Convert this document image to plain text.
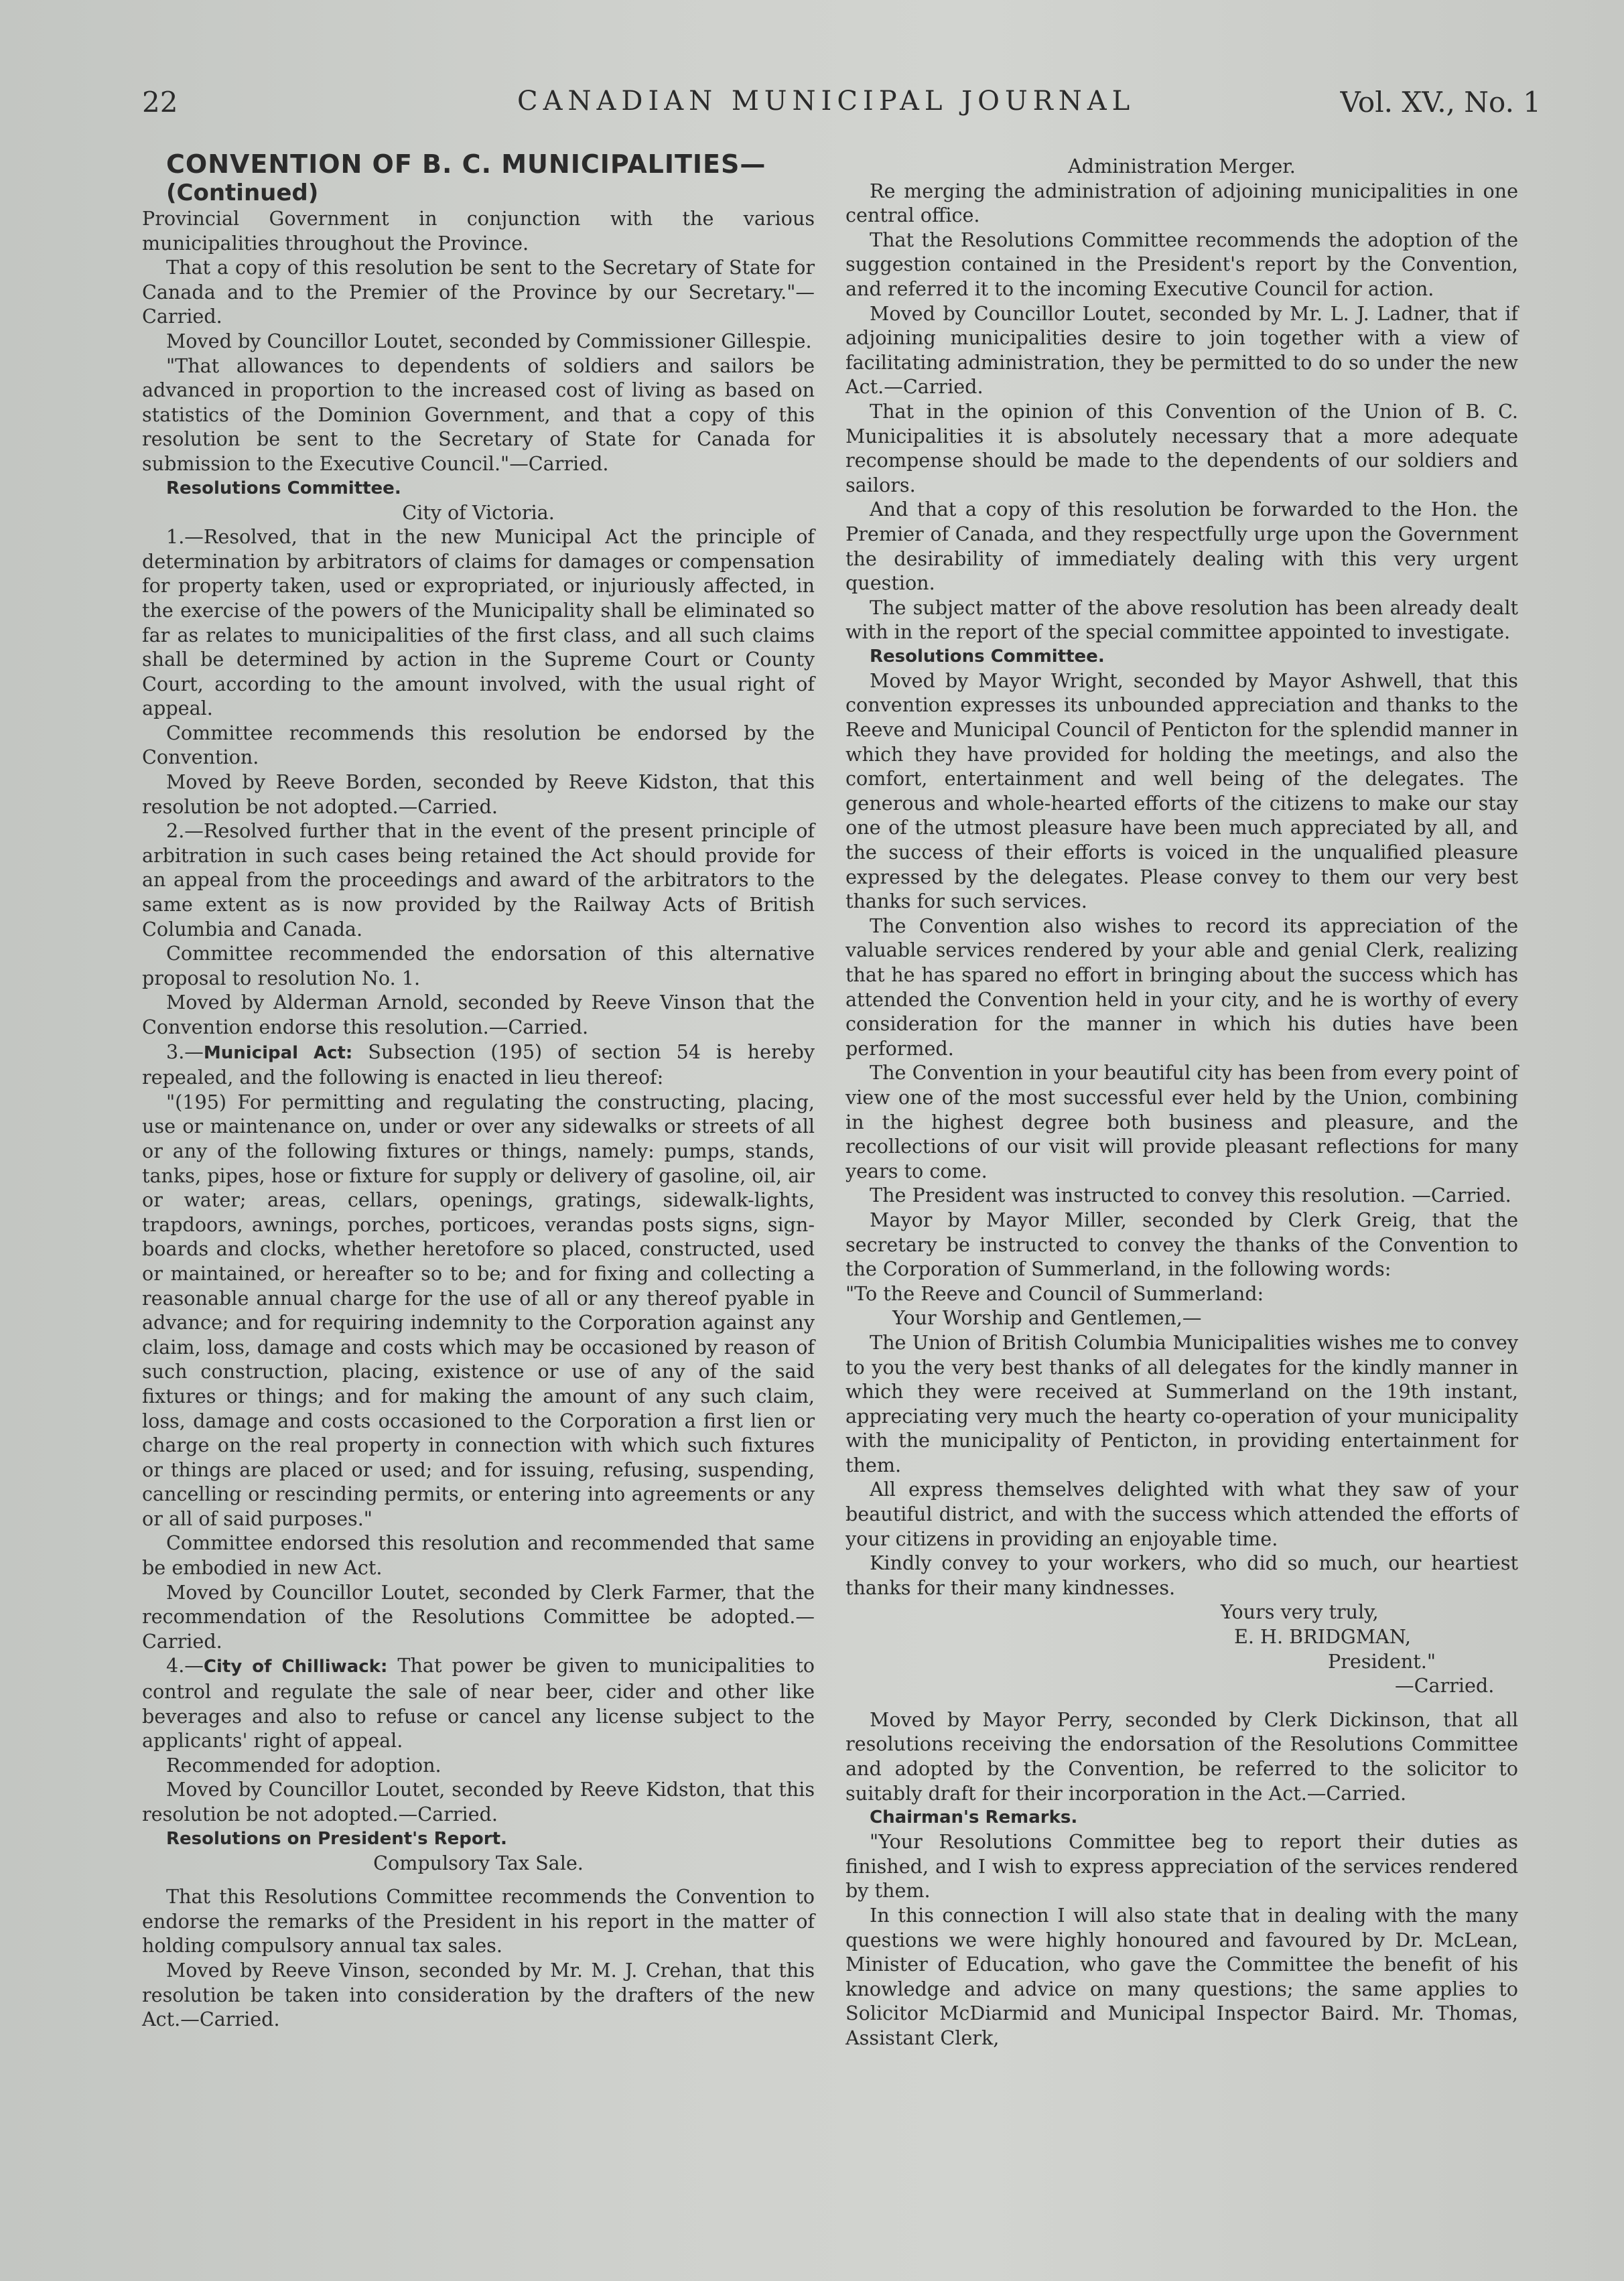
22	CANADIAN MUNICIPAL JOURNAL	Vol. XV., No. 1

CONVENTION OF B. C. MUNICIPALITIES—

(Continued)

Provincial Government in conjunction with the various municipalities throughout the Province.

That a copy of this resolution be sent to the Secretary of State for Canada and to the Premier of the Province by our Secretary."—Carried.

Moved by Councillor Loutet, seconded by Commissioner Gillespie.

"That allowances to dependents of soldiers and sailors be advanced in proportion to the increased cost of living as based on statistics of the Dominion Government, and that a copy of this resolution be sent to the Secretary of State for Canada for submission to the Executive Council."—Carried.

Resolutions Committee.

City of Victoria.

1.—Resolved, that in the new Municipal Act the principle of determination by arbitrators of claims for damages or compensation for property taken, used or expropriated, or injuriously affected, in the exercise of the powers of the Municipality shall be eliminated so far as relates to municipalities of the first class, and all such claims shall be determined by action in the Supreme Court or County Court, according to the amount involved, with the usual right of appeal.

Committee recommends this resolution be endorsed by the Convention.

Moved by Reeve Borden, seconded by Reeve Kidston, that this resolution be not adopted.—Carried.

2.—Resolved further that in the event of the present principle of arbitration in such cases being retained the Act should provide for an appeal from the proceedings and award of the arbitrators to the same extent as is now provided by the Railway Acts of British Columbia and Canada.

Committee recommended the endorsation of this alternative proposal to resolution No. 1.

Moved by Alderman Arnold, seconded by Reeve Vinson that the Convention endorse this resolution.—Carried.

3.—Municipal Act: Subsection (195) of section 54 is hereby repealed, and the following is enacted in lieu thereof:

"(195) For permitting and regulating the constructing, placing, use or maintenance on, under or over any sidewalks or streets of all or any of the following fixtures or things, namely: pumps, stands, tanks, pipes, hose or fixture for supply or delivery of gasoline, oil, air or water; areas, cellars, openings, gratings, sidewalk-lights, trapdoors, awnings, porches, porticoes, verandas posts signs, sign-boards and clocks, whether heretofore so placed, constructed, used or maintained, or hereafter so to be; and for fixing and collecting a reasonable annual charge for the use of all or any thereof pyable in advance; and for requiring indemnity to the Corporation against any claim, loss, damage and costs which may be occasioned by reason of such construction, placing, existence or use of any of the said fixtures or things; and for making the amount of any such claim, loss, damage and costs occasioned to the Corporation a first lien or charge on the real property in connection with which such fixtures or things are placed or used; and for issuing, refusing, suspending, cancelling or rescinding permits, or entering into agreements or any or all of said purposes."

Committee endorsed this resolution and recommended that same be embodied in new Act.

Moved by Councillor Loutet, seconded by Clerk Farmer, that the recommendation of the Resolutions Committee be adopted.—Carried.

4.—City of Chilliwack: That power be given to municipalities to control and regulate the sale of near beer, cider and other like beverages and also to refuse or cancel any license subject to the applicants' right of appeal.

Recommended for adoption.

Moved by Councillor Loutet, seconded by Reeve Kidston, that this resolution be not adopted.—Carried.

Resolutions on President's Report.

Compulsory Tax Sale.

That this Resolutions Committee recommends the Convention to endorse the remarks of the President in his report in the matter of holding compulsory annual tax sales.

Moved by Reeve Vinson, seconded by Mr. M. J. Crehan, that this resolution be taken into consideration by the drafters of the new Act.—Carried.

Administration Merger.

Re merging the administration of adjoining municipalities in one central office.

That the Resolutions Committee recommends the adoption of the suggestion contained in the President's report by the Convention, and referred it to the incoming Executive Council for action.

Moved by Councillor Loutet, seconded by Mr. L. J. Ladner, that if adjoining municipalities desire to join together with a view of facilitating administration, they be permitted to do so under the new Act.—Carried.

That in the opinion of this Convention of the Union of B. C. Municipalities it is absolutely necessary that a more adequate recompense should be made to the dependents of our soldiers and sailors.

And that a copy of this resolution be forwarded to the Hon. the Premier of Canada, and they respectfully urge upon the Government the desirability of immediately dealing with this very urgent question.

The subject matter of the above resolution has been already dealt with in the report of the special committee appointed to investigate.

Resolutions Committee.

Moved by Mayor Wright, seconded by Mayor Ashwell, that this convention expresses its unbounded appreciation and thanks to the Reeve and Municipal Council of Penticton for the splendid manner in which they have provided for holding the meetings, and also the comfort, entertainment and well being of the delegates. The generous and whole-hearted efforts of the citizens to make our stay one of the utmost pleasure have been much appreciated by all, and the success of their efforts is voiced in the unqualified pleasure expressed by the delegates. Please convey to them our very best thanks for such services.

The Convention also wishes to record its appreciation of the valuable services rendered by your able and genial Clerk, realizing that he has spared no effort in bringing about the success which has attended the Convention held in your city, and he is worthy of every consideration for the manner in which his duties have been performed.

The Convention in your beautiful city has been from every point of view one of the most successful ever held by the Union, combining in the highest degree both business and pleasure, and the recollections of our visit will provide pleasant reflections for many years to come.

The President was instructed to convey this resolution. —Carried.

Mayor by Mayor Miller, seconded by Clerk Greig, that the secretary be instructed to convey the thanks of the Convention to the Corporation of Summerland, in the following words:

"To the Reeve and Council of Summerland:

Your Worship and Gentlemen,—

The Union of British Columbia Municipalities wishes me to convey to you the very best thanks of all delegates for the kindly manner in which they were received at Summerland on the 19th instant, appreciating very much the hearty co-operation of your municipality with the municipality of Penticton, in providing entertainment for them.

All express themselves delighted with what they saw of your beautiful district, and with the success which attended the efforts of your citizens in providing an enjoyable time.

Kindly convey to your workers, who did so much, our heartiest thanks for their many kindnesses.

Yours very truly,

E. H. BRIDGMAN,

President."

—Carried.

Moved by Mayor Perry, seconded by Clerk Dickinson, that all resolutions receiving the endorsation of the Resolutions Committee and adopted by the Convention, be referred to the solicitor to suitably draft for their incorporation in the Act.—Carried.

Chairman's Remarks.

"Your Resolutions Committee beg to report their duties as finished, and I wish to express appreciation of the services rendered by them.

In this connection I will also state that in dealing with the many questions we were highly honoured and favoured by Dr. McLean, Minister of Education, who gave the Committee the benefit of his knowledge and advice on many questions; the same applies to Solicitor McDiarmid and Municipal Inspector Baird. Mr. Thomas, Assistant Clerk,
